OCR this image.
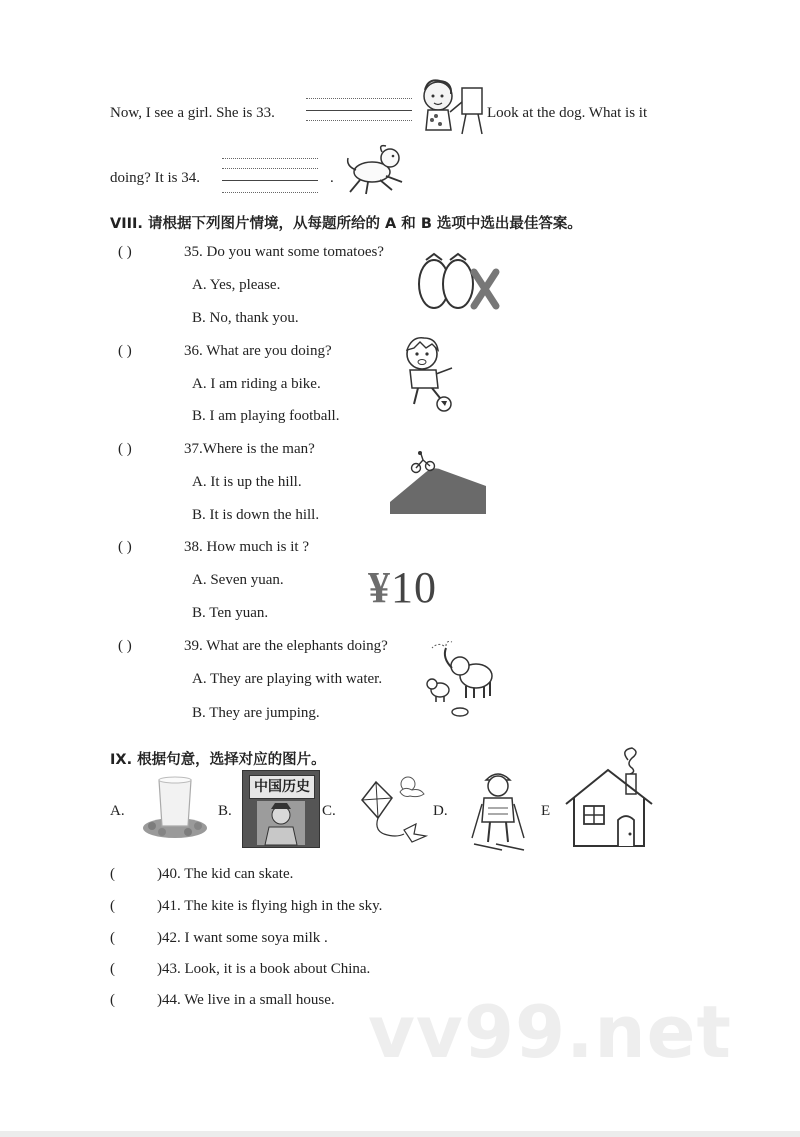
Now, I see a girl. She is 33.	Look at the dog. What is it
doing? It is 34.	.
VIII. 请根据下列图片情境，从每题所给的 A 和 B 选项中选出最佳答案。
( )	35. Do you want some tomatoes?
A. Yes, please.
B. No, thank you.
( )	36. What are you doing?
A. I am riding a bike.
B. I am playing football.
( )	37.Where is the man?
A. It is up the hill.
B. It is down the hill.
( )	38. How much is it ?
A. Seven yuan.
B. Ten yuan.
¥10
( )	39. What are the elephants doing?
A. They are playing with water.
B. They are jumping.
IX. 根据句意，选择对应的图片。
A.	B.
中国历史
C.	D.	E
(	)40. The kid can skate.
(	)41. The kite is flying high in the sky.
(	)42. I want some soya milk .
(	)43. Look, it is a book about China.
(	)44. We live in a small house. vv99.net
